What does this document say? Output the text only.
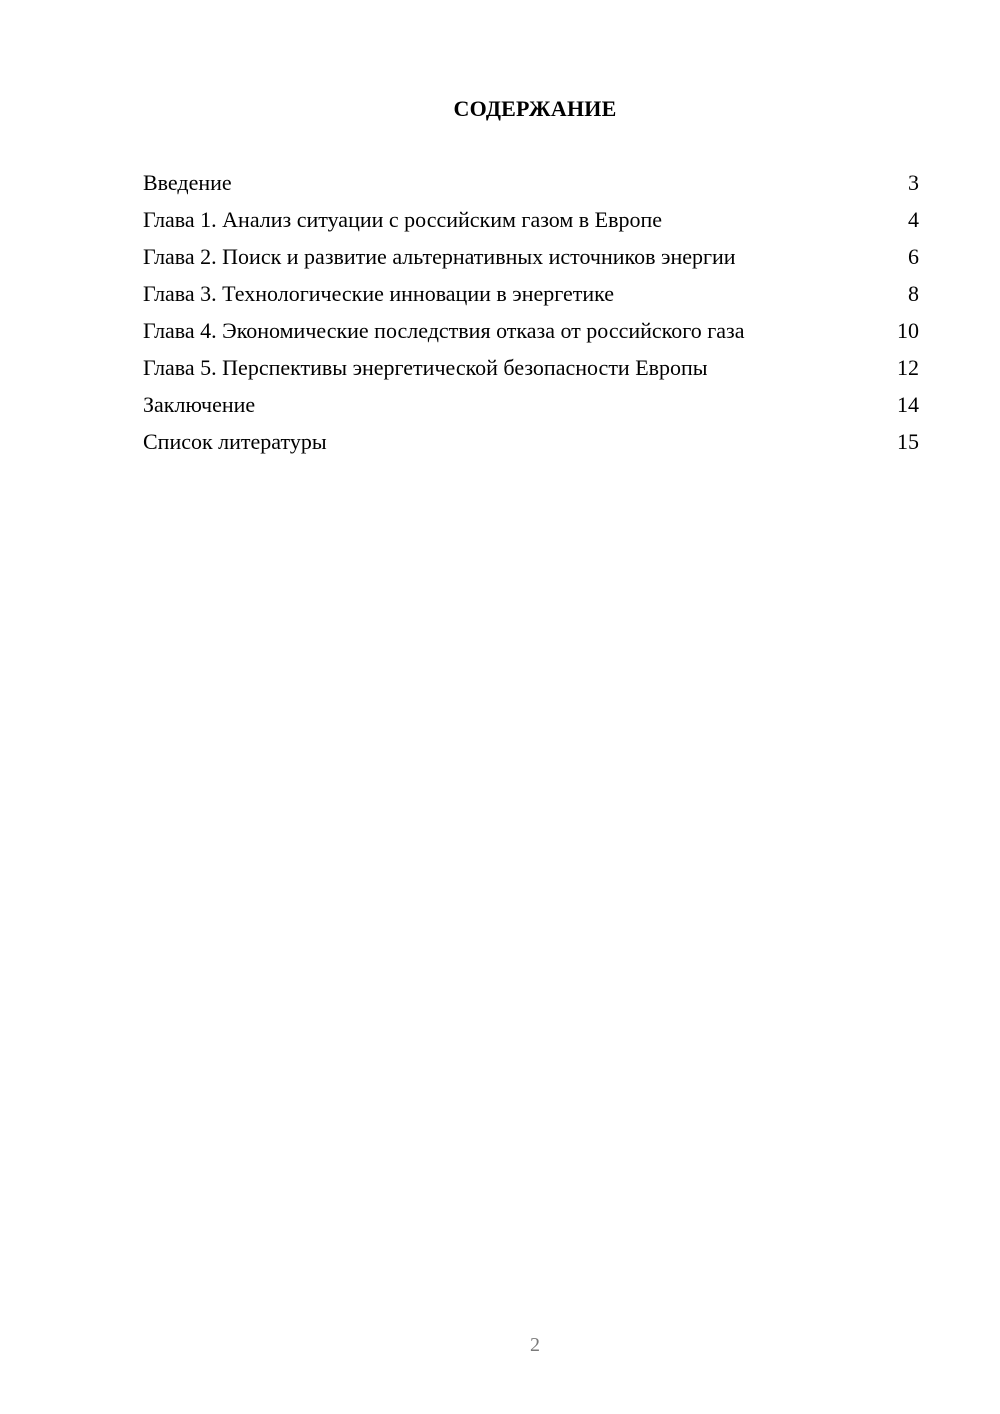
СОДЕРЖАНИЕ
Введение	3
Глава 1. Анализ ситуации с российским газом в Европе	4
Глава 2. Поиск и развитие альтернативных источников энергии	6
Глава 3. Технологические инновации в энергетике	8
Глава 4. Экономические последствия отказа от российского газа	10
Глава 5. Перспективы энергетической безопасности Европы	12
Заключение	14
Список литературы	15
2
